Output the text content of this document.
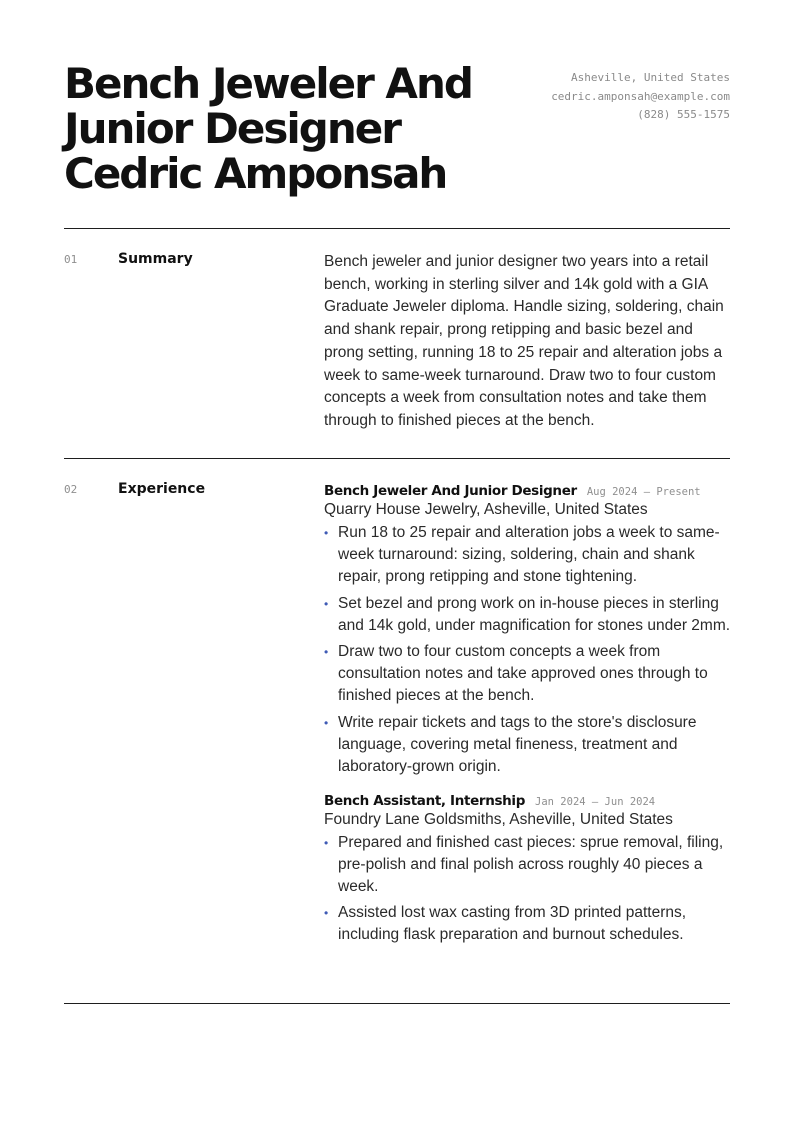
Bench Jeweler And
Junior Designer
Cedric Amponsah
Asheville, United States
cedric.amponsah@example.com
(828) 555-1575
01	Summary	Bench jeweler and junior designer two years into a retail bench, working in sterling silver and 14k gold with a GIA Graduate Jeweler diploma. Handle sizing, soldering, chain and shank repair, prong retipping and basic bezel and prong setting, running 18 to 25 repair and alteration jobs a week to same-week turnaround. Draw two to four custom concepts a week from consultation notes and take them through to finished pieces at the bench.

02	Experience	Bench Jeweler And Junior Designer Aug 2024 — Present
Quarry House Jewelry, Asheville, United States
• Run 18 to 25 repair and alteration jobs a week to same-week turnaround: sizing, soldering, chain and shank repair, prong retipping and stone tightening.
• Set bezel and prong work on in-house pieces in sterling and 14k gold, under magnification for stones under 2mm.
• Draw two to four custom concepts a week from consultation notes and take approved ones through to finished pieces at the bench.
• Write repair tickets and tags to the store's disclosure language, covering metal fineness, treatment and laboratory-grown origin.
Bench Assistant, Internship Jan 2024 — Jun 2024
Foundry Lane Goldsmiths, Asheville, United States
• Prepared and finished cast pieces: sprue removal, filing, pre-polish and final polish across roughly 40 pieces a week.
• Assisted lost wax casting from 3D printed patterns, including flask preparation and burnout schedules.
